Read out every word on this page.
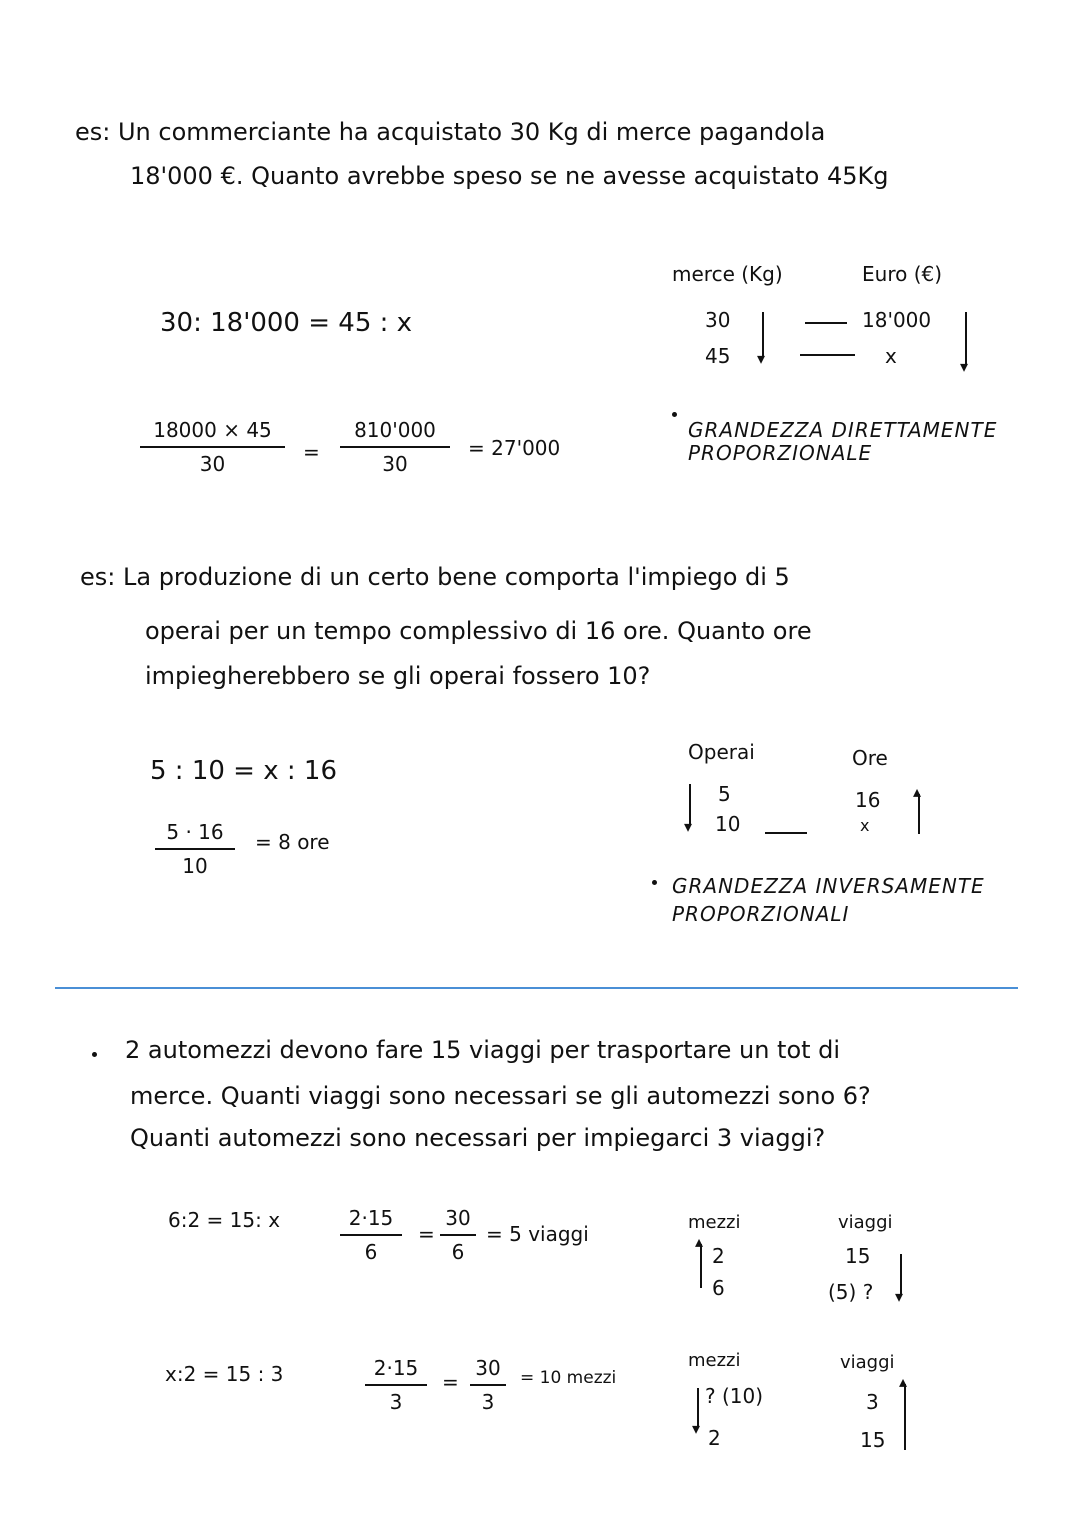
es: Un commerciante ha acquistato 30 Kg di merce pagandola
18'000 €. Quanto avrebbe speso se ne avesse acquistato 45Kg
30: 18'000 = 45 : x
18000 × 45
30	=
810'000
30
= 27'000
merce (Kg)	Euro (€)
30	18'000
45	x
▾
▾
GRANDEZZA DIRETTAMENTE
PROPORZIONALE
es: La produzione di un certo bene comporta l'impiego di 5
operai per un tempo complessivo di 16 ore. Quanto ore
impiegherebbero se gli operai fossero 10?
5 : 10 = x : 16
5 · 16
10
= 8 ore
Operai	Ore
5	16
10	x
▾
▴
GRANDEZZA INVERSAMENTE
PROPORZIONALI
2 automezzi devono fare 15 viaggi per trasportare un tot di
merce. Quanti viaggi sono necessari se gli automezzi sono 6?
Quanti automezzi sono necessari per impiegarci 3 viaggi?
6:2 = 15: x	2·15
6
=
30
6
= 5 viaggi	mezzi	viaggi
2	15
6	(5) ?
▴
▾
x:2 = 15 : 3	2·15
3
=
30
3
= 10 mezzi
mezzi	viaggi
? (10)	3
2	15
▾
▴
